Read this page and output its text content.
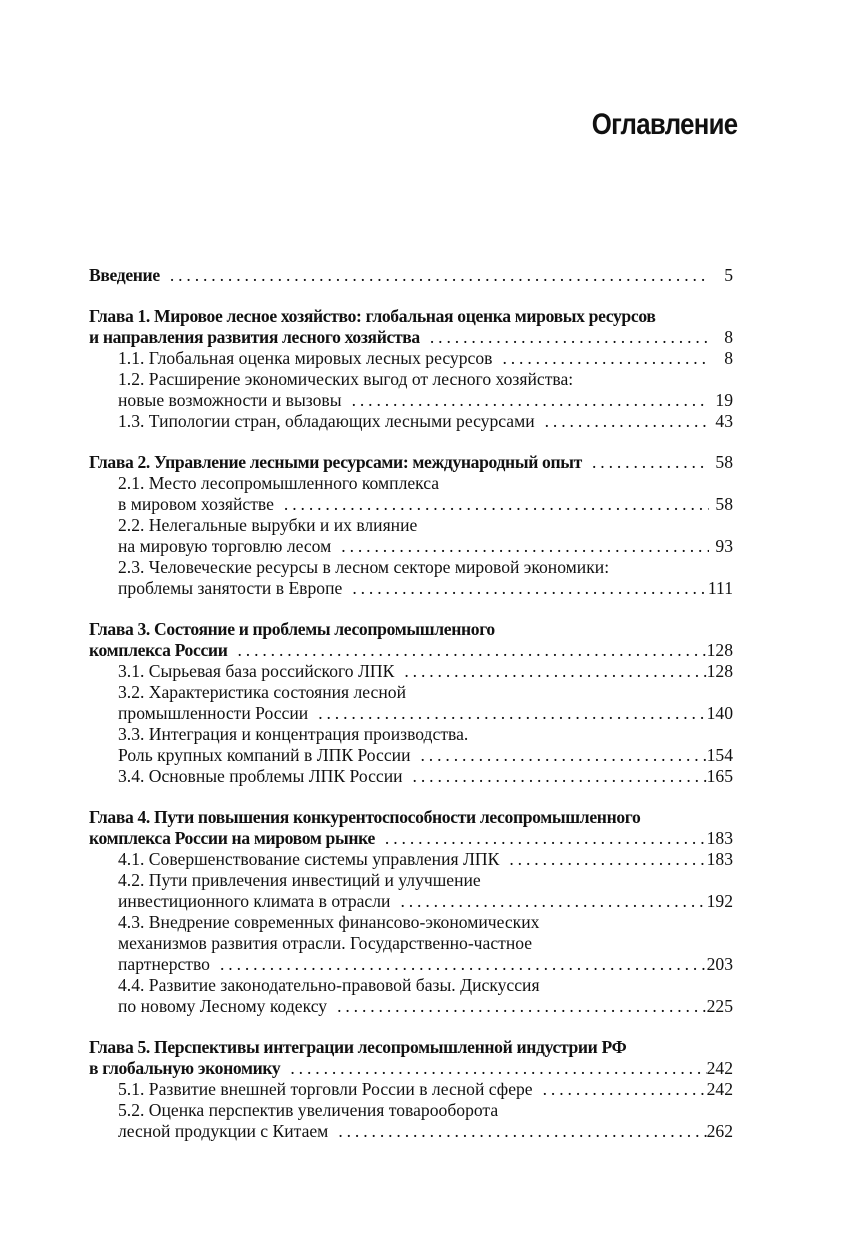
Оглавление
Введение . . .	5
Глава 1. Мировое лесное хозяйство: глобальная оценка мировых ресурсов
и направления развития лесного хозяйства . . .	8
1.1. Глобальная оценка мировых лесных ресурсов . . .	8
1.2. Расширение экономических выгод от лесного хозяйства:
новые возможности и вызовы . . .	19
1.3. Типологии стран, обладающих лесными ресурсами . . .	43
Глава 2. Управление лесными ресурсами: международный опыт . . .	58
2.1. Место лесопромышленного комплекса
в мировом хозяйстве . . .	58
2.2. Нелегальные вырубки и их влияние
на мировую торговлю лесом . . .	93
2.3. Человеческие ресурсы в лесном секторе мировой экономики:
проблемы занятости в Европе . . .	111
Глава 3. Состояние и проблемы лесопромышленного
комплекса России . . .	128
3.1. Сырьевая база российского ЛПК . . .	128
3.2. Характеристика состояния лесной
промышленности России . . .	140
3.3. Интеграция и концентрация производства.
Роль крупных компаний в ЛПК России . . .	154
3.4. Основные проблемы ЛПК России . . .	165
Глава 4. Пути повышения конкурентоспособности лесопромышленного
комплекса России на мировом рынке . . .	183
4.1. Совершенствование системы управления ЛПК . . .	183
4.2. Пути привлечения инвестиций и улучшение
инвестиционного климата в отрасли . . .	192
4.3. Внедрение современных финансово-экономических
механизмов развития отрасли. Государственно-частное
партнерство . . .	203
4.4. Развитие законодательно-правовой базы. Дискуссия
по новому Лесному кодексу . . .	225
Глава 5. Перспективы интеграции лесопромышленной индустрии РФ
в глобальную экономику . . .	242
5.1. Развитие внешней торговли России в лесной сфере . . .	242
5.2. Оценка перспектив увеличения товарооборота
лесной продукции с Китаем . . .	262
